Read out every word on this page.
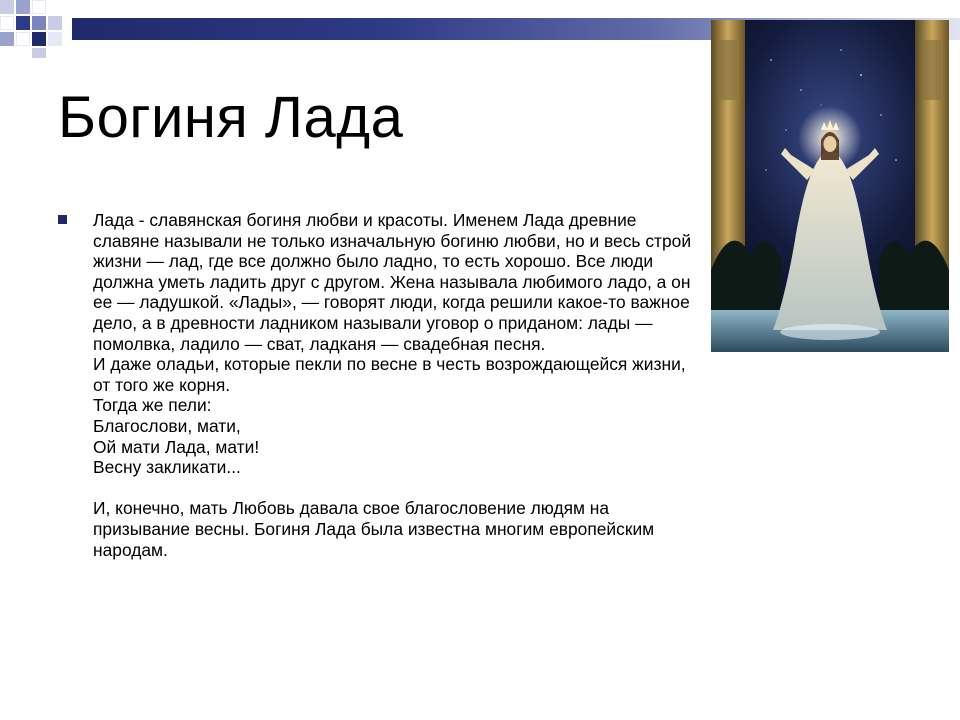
Богиня Лада
Лада - славянская богиня любви и красоты. Именем Лада древние славяне называли не только изначальную богиню любви, но и весь строй жизни — лад, где все должно было ладно, то есть хорошо. Все люди должна уметь ладить друг с другом. Жена называла любимого ладо, а он ее — ладушкой. «Лады», — говорят люди, когда решили какое-то важное дело, а в древности ладником называли уговор о приданом: лады — помолвка, ладило — сват, ладканя — свадебная песня.
И даже оладьи, которые пекли по весне в честь возрождающейся жизни, от того же корня.
Тогда же пели:
Благослови, мати,
Ой мати Лада, мати!
Весну закликати...

И, конечно, мать Любовь давала свое благословение людям на призывание весны. Богиня Лада была известна многим европейским народам.
